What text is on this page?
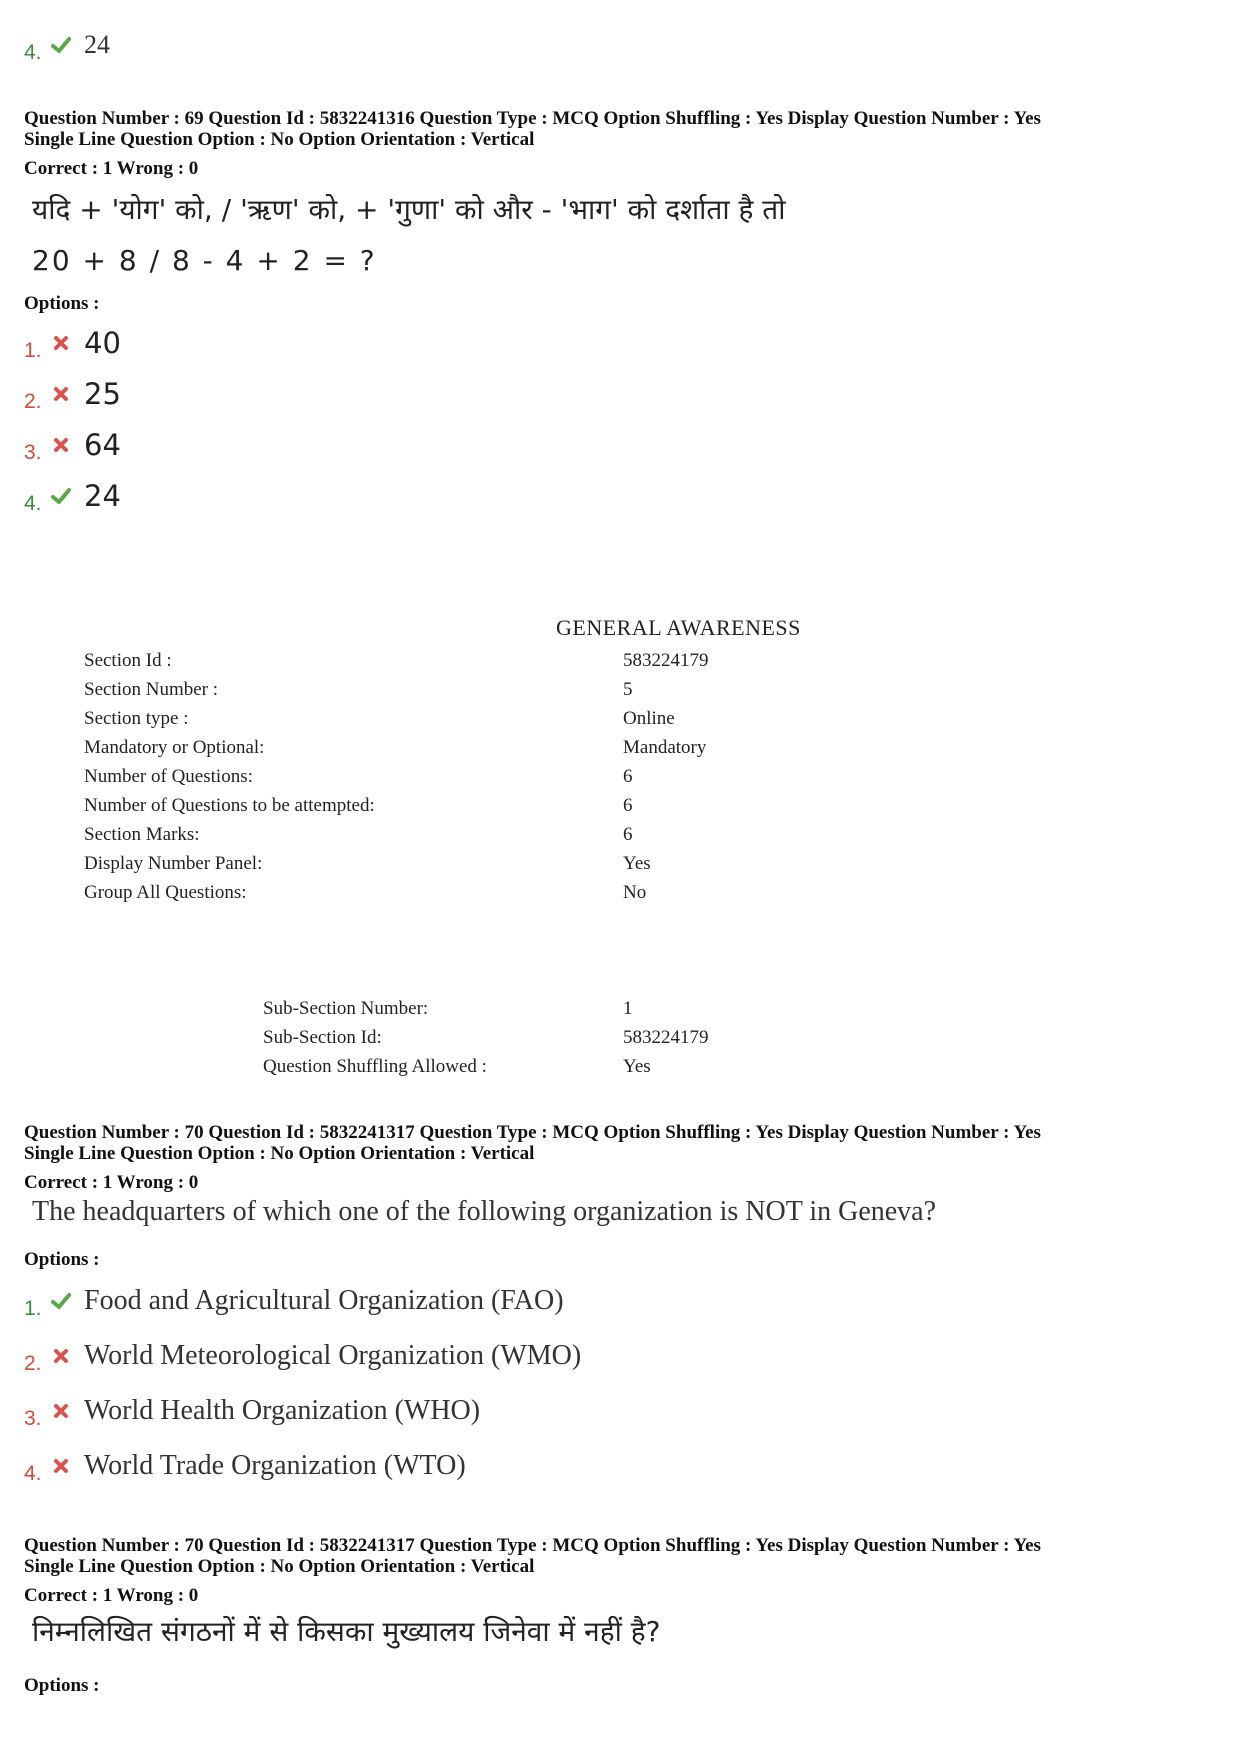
4. 24
Question Number : 69 Question Id : 5832241316 Question Type : MCQ Option Shuffling : Yes Display Question Number : Yes
Single Line Question Option : No Option Orientation : Vertical
Correct : 1 Wrong : 0
यदि + 'योग' को, / 'ऋण' को, + 'गुणा' को और - 'भाग' को दर्शाता है तो
20 + 8 / 8 - 4 + 2 = ?
Options :
1. 40
2. 25
3. 64
4. 24
GENERAL AWARENESS
Section Id :	583224179
Section Number :	5
Section type :	Online
Mandatory or Optional:	Mandatory
Number of Questions:	6
Number of Questions to be attempted:	6
Section Marks:	6
Display Number Panel:	Yes
Group All Questions:	No
Sub-Section Number:	1
Sub-Section Id:	583224179
Question Shuffling Allowed :	Yes
Question Number : 70 Question Id : 5832241317 Question Type : MCQ Option Shuffling : Yes Display Question Number : Yes
Single Line Question Option : No Option Orientation : Vertical
Correct : 1 Wrong : 0
The headquarters of which one of the following organization is NOT in Geneva?
Options :
1. Food and Agricultural Organization (FAO)
2. World Meteorological Organization (WMO)
3. World Health Organization (WHO)
4. World Trade Organization (WTO)
Question Number : 70 Question Id : 5832241317 Question Type : MCQ Option Shuffling : Yes Display Question Number : Yes
Single Line Question Option : No Option Orientation : Vertical
Correct : 1 Wrong : 0
निम्नलिखित संगठनों में से किसका मुख्यालय जिनेवा में नहीं है?
Options :
